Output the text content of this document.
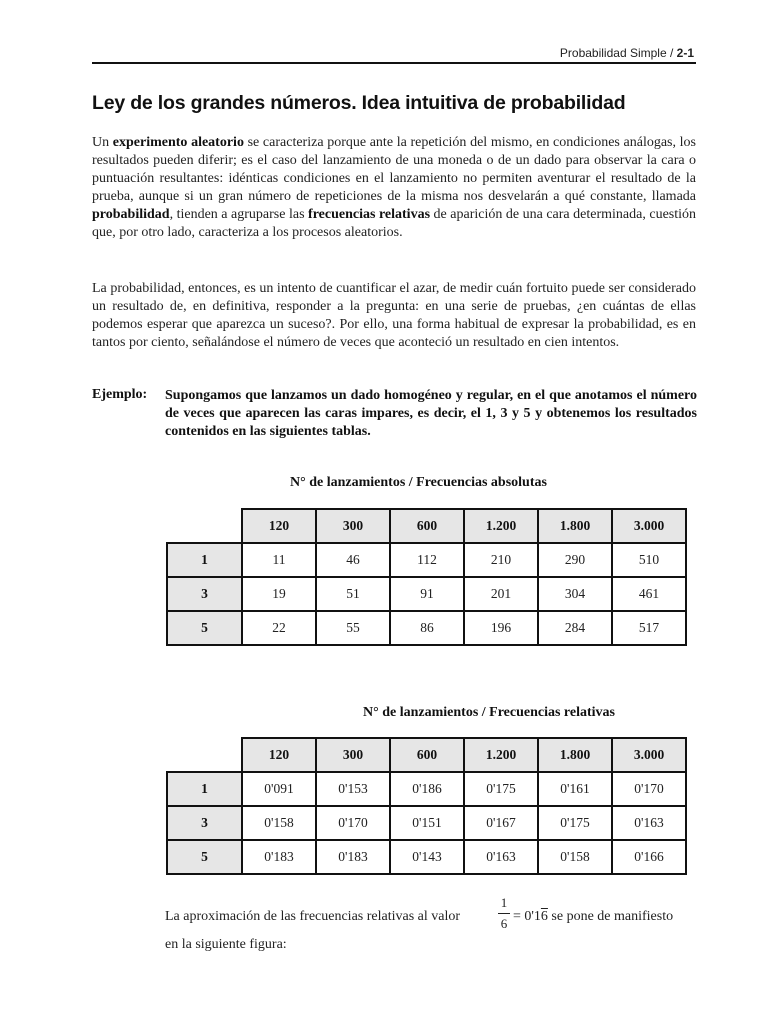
Probabilidad Simple / 2-1
Ley de los grandes números. Idea intuitiva de probabilidad

Un experimento aleatorio se caracteriza porque ante la repetición del mismo, en condiciones análogas, los resultados pueden diferir; es el caso del lanzamiento de una moneda o de un dado para observar la cara o puntuación resultantes: idénticas condiciones en el lanzamiento no permiten aventurar el resultado de la prueba, aunque si un gran número de repeticiones de la misma nos desvelarán a qué constante, llamada probabilidad, tienden a agruparse las frecuencias relativas de aparición de una cara determinada, cuestión que, por otro lado, caracteriza a los procesos aleatorios.

La probabilidad, entonces, es un intento de cuantificar el azar, de medir cuán fortuito puede ser considerado un resultado de, en definitiva, responder a la pregunta: en una serie de pruebas, ¿en cuántas de ellas podemos esperar que aparezca un suceso?. Por ello, una forma habitual de expresar la probabilidad, es en tantos por ciento, señalándose el número de veces que aconteció un resultado en cien intentos.

Ejemplo: Supongamos que lanzamos un dado homogéneo y regular, en el que anotamos el número de veces que aparecen las caras impares, es decir, el 1, 3 y 5 y obtenemos los resultados contenidos en las siguientes tablas.

N° de lanzamientos / Frecuencias absolutas
	120	300	600	1.200	1.800	3.000
1	11	46	112	210	290	510
3	19	51	91	201	304	461
5	22	55	86	196	284	517
N° de lanzamientos / Frecuencias relativas
	120	300	600	1.200	1.800	3.000
1	0'091	0'153	0'186	0'175	0'161	0'170
3	0'158	0'170	0'151	0'167	0'175	0'163
5	0'183	0'183	0'143	0'163	0'158	0'166
La aproximación de las frecuencias relativas al valor
1
6 = 0'16 se pone de manifiesto
en la siguiente figura:
